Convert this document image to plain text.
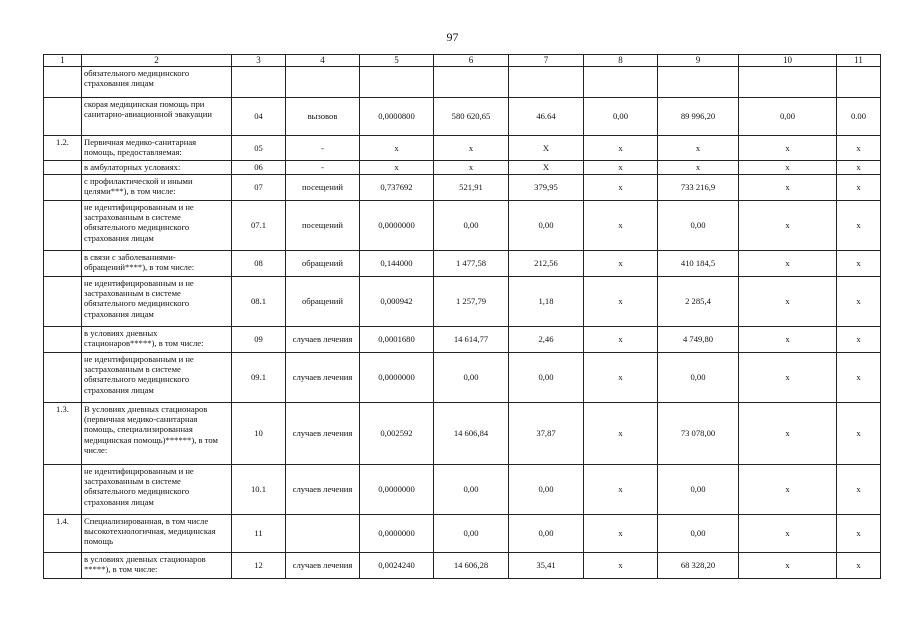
97
1	2	3	4	5	6	7	8	9	10	11
	обязательного медицинского страхования лицам									
	скорая медицинская помощь при санитарно-авиационной эвакуации	04	вызовов	0,0000800	580 620,65	46.64	0,00	89 996,20	0,00	0.00
1.2.	Первичная медико-санитарная помощь, предоставляемая:	05	-	x	x	X	x	x	x	x
	в амбулаторных условиях:	06	-	x	x	X	x	x	x	x
	с профилактической и иными целями***), в том числе:	07	посещений	0,737692	521,91	379,95	x	733 216,9	x	x
	не идентифицированным и не застрахованным в системе обязательного медицинского страхования лицам	07.1	посещений	0,0000000	0,00	0,00	x	0,00	x	x
	в связи с заболеваниями-обращений****), в том числе:	08	обращений	0,144000	1 477,58	212,56	x	410 184,5	x	x
	не идентифицированным и не застрахованным в системе обязательного медицинского страхования лицам	08.1	обращений	0,000942	1 257,79	1,18	x	2 285,4	x	x
	в условиях дневных стационаров*****), в том числе:	09	случаев лечения	0,0001680	14 614,77	2,46	x	4 749,80	x	x
	не идентифицированным и не застрахованным в системе обязательного медицинского страхования лицам	09.1	случаев лечения	0,0000000	0,00	0,00	x	0,00	x	x
1.3.	В условиях дневных стационаров (первичная медико-санитарная помощь, специализированная медицинская помощь)******), в том числе:	10	случаев лечения	0,002592	14 606,84	37,87	x	73 078,00	x	x
	не идентифицированным и не застрахованным в системе обязательного медицинского страхования лицам	10.1	случаев лечения	0,0000000	0,00	0,00	x	0,00	x	x
1.4.	Специализированная, в том числе высокотехнологичная, медицинская помощь	11		0,0000000	0,00	0,00	x	0,00	x	x
	в условиях дневных стационаров *****), в том числе:	12	случаев лечения	0,0024240	14 606,28	35,41	x	68 328,20	x	x
